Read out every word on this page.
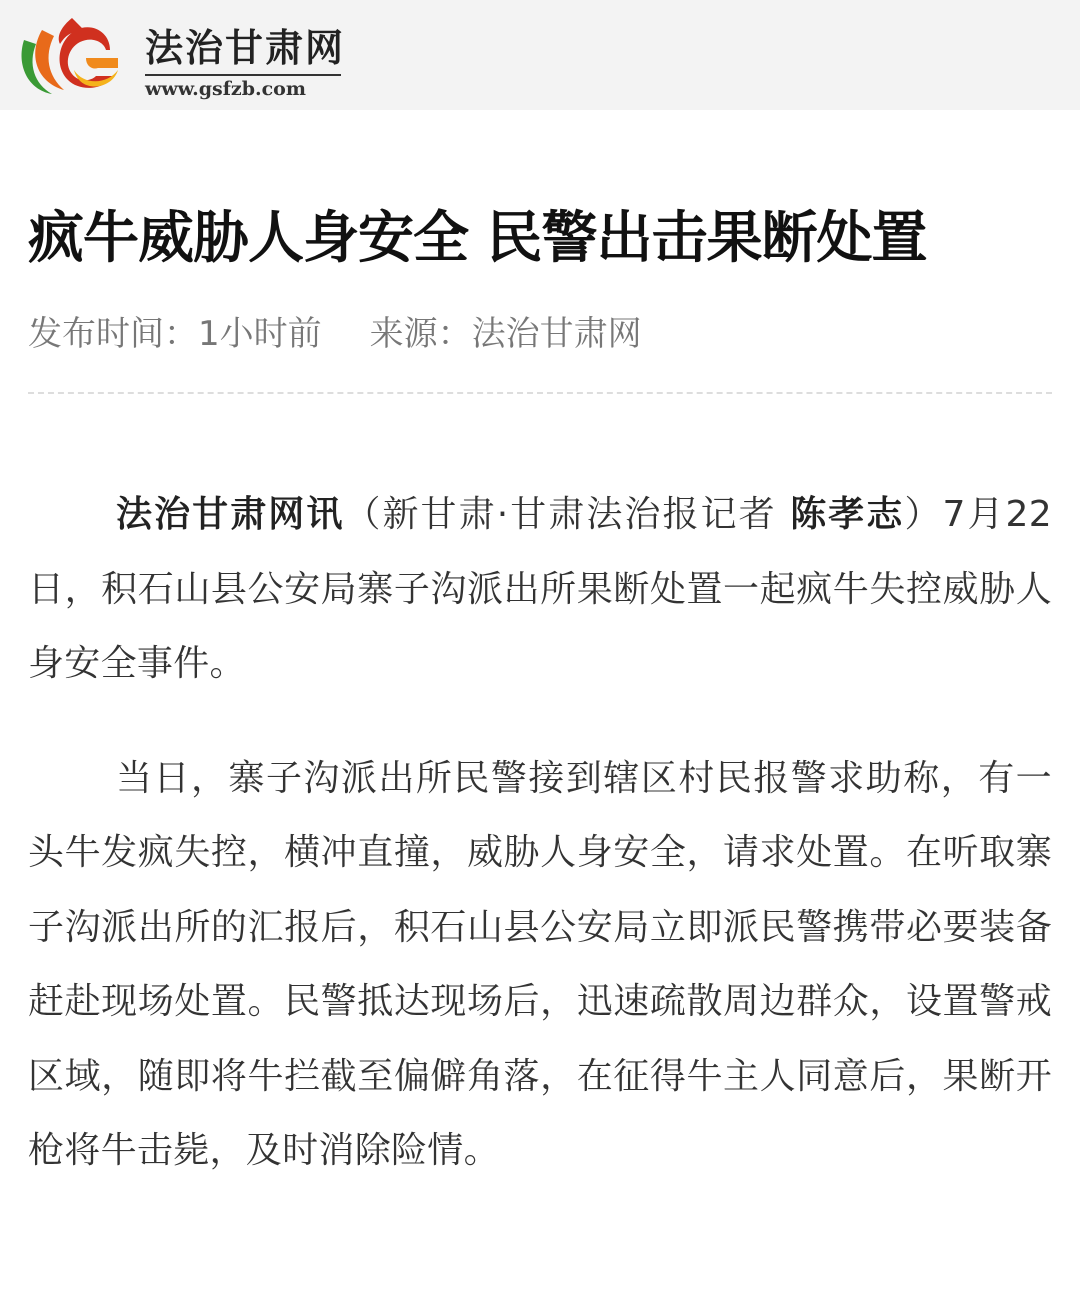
法治甘肃网
www.gsfzb.com
疯牛威胁人身安全 民警出击果断处置
发布时间：1小时前 来源：法治甘肃网

法治甘肃网讯（新甘肃·甘肃法治报记者 陈孝志）7月22日，积石山县公安局寨子沟派出所果断处置一起疯牛失控威胁人身安全事件。

当日，寨子沟派出所民警接到辖区村民报警求助称，有一头牛发疯失控，横冲直撞，威胁人身安全，请求处置。在听取寨子沟派出所的汇报后，积石山县公安局立即派民警携带必要装备赶赴现场处置。民警抵达现场后，迅速疏散周边群众，设置警戒区域，随即将牛拦截至偏僻角落，在征得牛主人同意后，果断开枪将牛击毙，及时消除险情。
